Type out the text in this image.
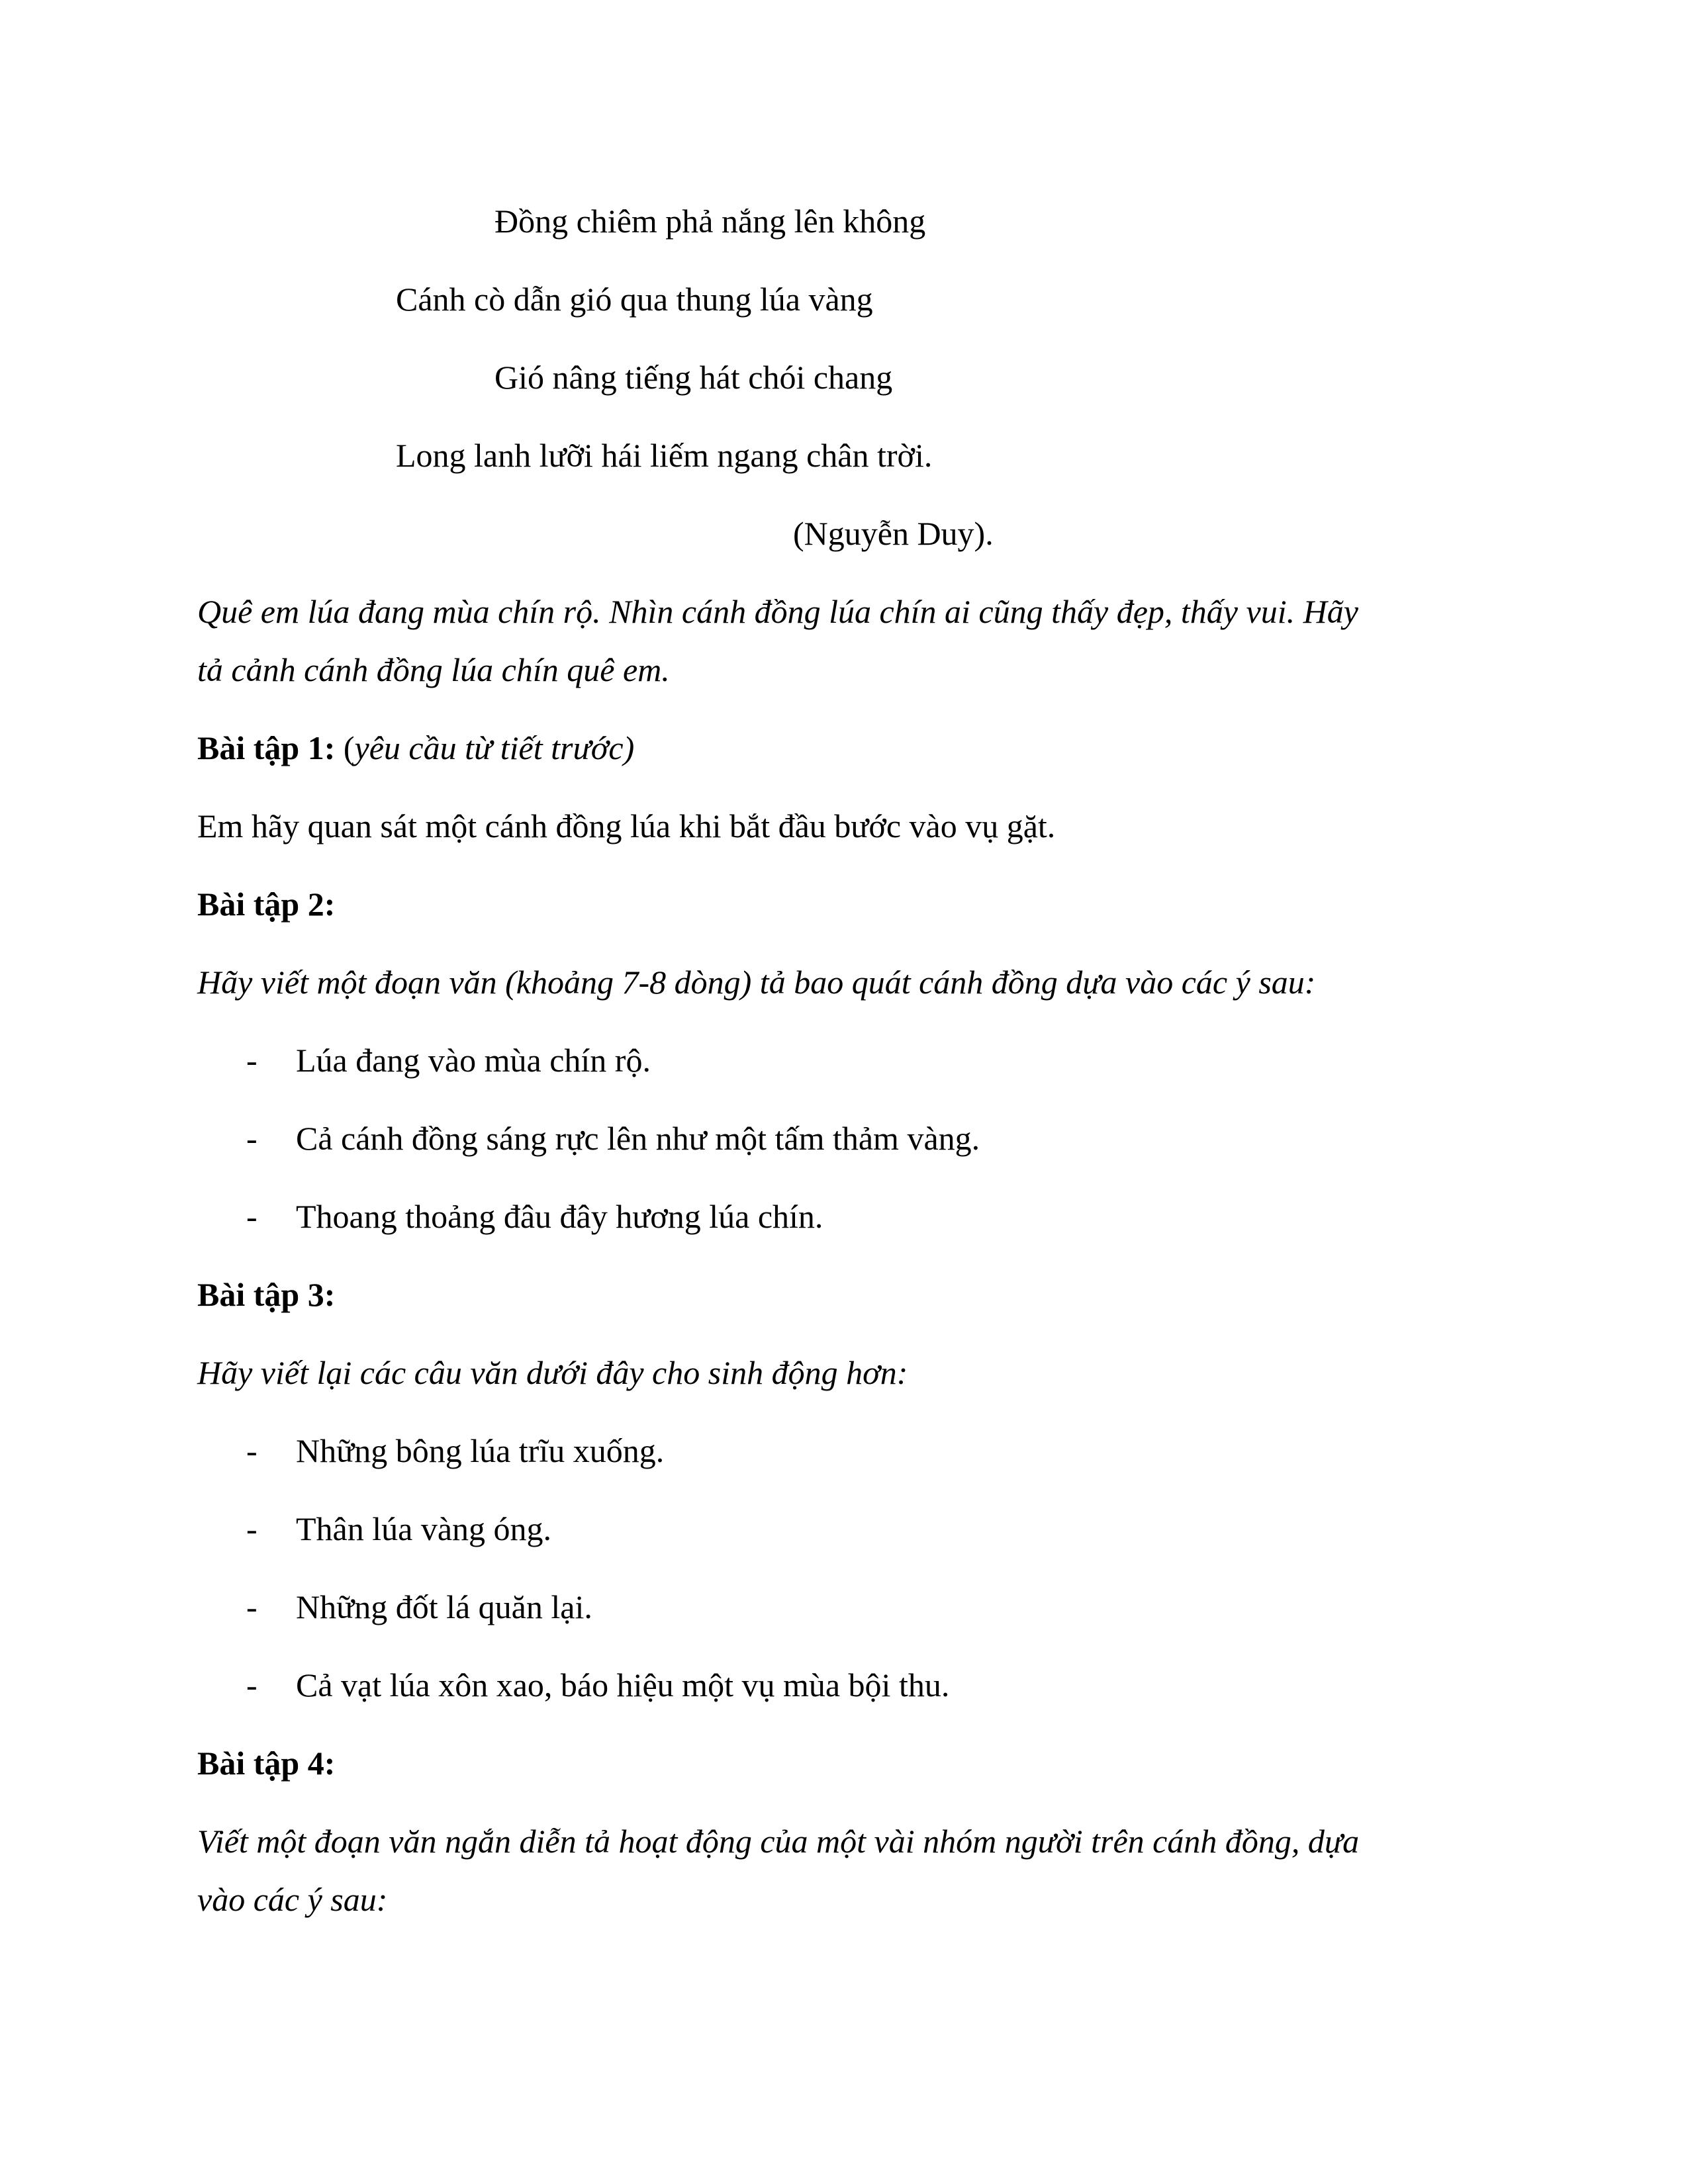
Đồng chiêm phả nắng lên không
Cánh cò dẫn gió qua thung lúa vàng
Gió nâng tiếng hát chói chang
Long lanh lưỡi hái liếm ngang chân trời.
(Nguyễn Duy).
Quê em lúa đang mùa chín rộ. Nhìn cánh đồng lúa chín ai cũng thấy đẹp, thấy vui. Hãy
tả cảnh cánh đồng lúa chín quê em.
Bài tập 1: (yêu cầu từ tiết trước)
Em hãy quan sát một cánh đồng lúa khi bắt đầu bước vào vụ gặt.
Bài tập 2:
Hãy viết một đoạn văn (khoảng 7-8 dòng) tả bao quát cánh đồng dựa vào các ý sau:
- Lúa đang vào mùa chín rộ.
- Cả cánh đồng sáng rực lên như một tấm thảm vàng.
- Thoang thoảng đâu đây hương lúa chín.
Bài tập 3:
Hãy viết lại các câu văn dưới đây cho sinh động hơn:
- Những bông lúa trĩu xuống.
- Thân lúa vàng óng.
- Những đốt lá quăn lại.
- Cả vạt lúa xôn xao, báo hiệu một vụ mùa bội thu.
Bài tập 4:
Viết một đoạn văn ngắn diễn tả hoạt động của một vài nhóm người trên cánh đồng, dựa
vào các ý sau:
